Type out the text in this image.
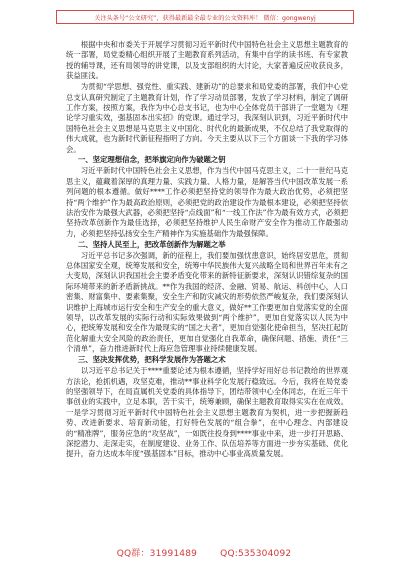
关注头条号“公文研究”，获得最新最全最专业的公文资料库！ 微信：gongwenyj

根据中央和市委关于开展学习贯彻习近平新时代中国特色社会主义思想主题教育的统一部署，局党委精心组织开展了主题教育系列活动，有集中自学的读书班、有专家教授的辅导课，还有局领导的讲党课，以及支部组织的大讨论，大家普遍反应收获良多，获益匪浅。

为贯彻“学思想、强党性、重实践、建新功”的总要求和局党委的部署，我们中心党总支认真研究制定了主题教育计划，作了学习动员部署，发放了学习材料，制定了调研工作方案，按照方案，我作为中心总支书记，也为中心全体党员干部讲了一堂题为《理论学习重实效，强基固本出实招》的党课。通过学习，我深刻认识到，习近平新时代中国特色社会主义思想是马克思主义中国化、时代化的最新成果，不仅总结了我党取得的伟大成就，也为新时代新征程指明了方向。今天主要从以下三个方面谈一下我的学习体会。

一、坚定理想信念，把举旗定向作为破题之钥

习近平新时代中国特色社会主义思想，作为当代中国马克思主义，二十一世纪马克思主义，蕴藏着深厚的真理力量、实践力量、人格力量，是解答当代中国改革发展一系列问题的根本遵循。做好****工作必须把坚持党的领导作为最大政治优势，必须把坚持“两个维护”作为最高政治原则，必须把党的政治建设作为最根本建设，必须把坚持依法治安作为最强大武器，必须把坚持“点线面”和“一线工作法”作为最有效方式，必须把坚持改革创新作为最佳选择，必须把坚持维护人民生命财产安全作为推动工作最强动力，必须把坚持弘扬安全生产精神作为实施基础作为最强保障。

二、坚持人民至上，把改革创新作为解题之举

习近平总书记多次强调，新的征程上，我们要加强忧患意识，始终居安思危，贯彻总体国家安全观，统筹发展和安全，统筹中华民族伟大复兴战略全局和世界百年未有之大变局，深刻认识我国社会主要矛盾变化带来的新特征新要求，深刻认识错综复杂的国际环境带来的新矛盾新挑战。**作为我国的经济、金融、贸易、航运、科创中心，人口密集、财富集中、要素集聚，安全生产和防灾减灾的形势依然严峻复杂，我们要深刻认识维护上海城市运行安全和生产安全的重大意义，做好**工作要更加自觉落实党的全面领导，以改革发展的实际行动和实际效果做到“两个维护”，更加自觉落实以人民为中心，把统筹发展和安全作为最现实的“国之大者”，更加自觉强化使命担当，坚决扛起防范化解重大安全风险的政治责任，更加自觉强化自我革命，确保问题、措施、责任“三个清单”，奋力推进新时代上海应急管理事业持续健康发展。

三、坚决发挥优势，把科学发展作为答题之术

以习近平总书记关于****重要论述为根本遵循，坚持学好用好总书记教给的世界观方法论，抢抓机遇，攻坚克难，推动**事业科学化发展行稳致远。今后，我将在局党委的坚强领导下，在局直属机关党委的具体指导下，团结带领中心全体同志，在近三年干事创业的实践中，立足本职，苦干实干，统筹兼顾，确保主题教育取得实实在在成效。一是学习贯彻习近平新时代中国特色社会主义思想主题教育为契机，进一步把握新趋势、改进新要求、培育新动能，打好特色发展的“组合拳”，在中心理念、内部建设的“精准牌”，服务应急的“攻坚战”，一如既往投身到****事业中来，进一步打开思路、深挖潜力、走深走实，在制度建设、业务工作、队伍培养等方面进一步夯实基础、优化提升，奋力达成本年度“强基固本”目标，推动中心事业高质量发展。

QQ群：31991489	QQ:535304092
